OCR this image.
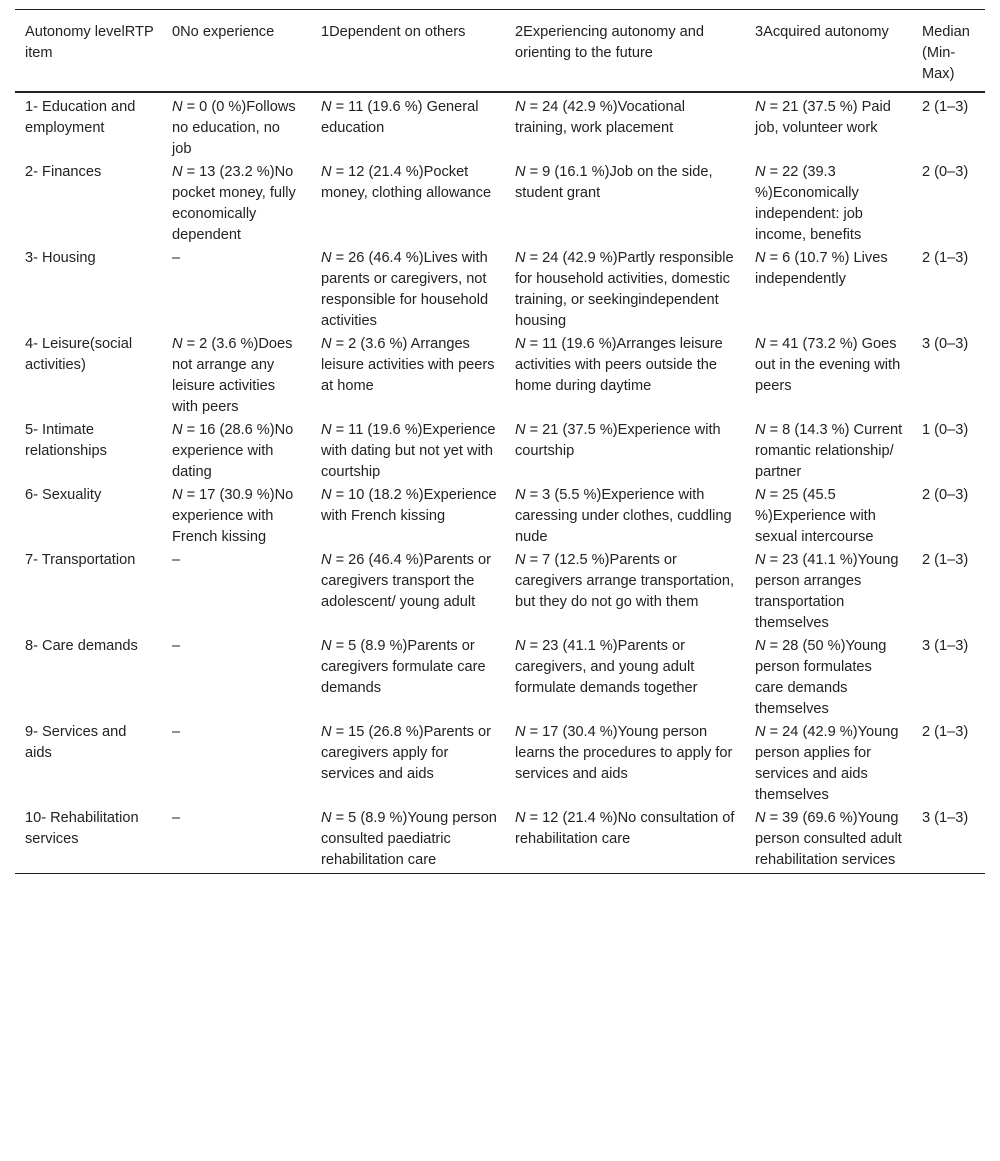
Autonomy levelRTP item	0No experience	1Dependent on others	2Experiencing autonomy and orienting to the future	3Acquired autonomy	Median (Min-Max)
1- Education and employment	N = 0 (0 %)Follows no education, no job	N = 11 (19.6 %) General education	N = 24 (42.9 %)Vocational training, work placement	N = 21 (37.5 %) Paid job, volunteer work	2 (1–3)
2- Finances	N = 13 (23.2 %)No pocket money, fully economically dependent	N = 12 (21.4 %)Pocket money, clothing allowance	N = 9 (16.1 %)Job on the side, student grant	N = 22 (39.3 %)Economically independent: job income, benefits	2 (0–3)
3- Housing	–	N = 26 (46.4 %)Lives with parents or caregivers, not responsible for household activities	N = 24 (42.9 %)Partly responsible for household activities, domestic training, or seekingindependent housing	N = 6 (10.7 %) Lives independently	2 (1–3)
4- Leisure(social activities)	N = 2 (3.6 %)Does not arrange any leisure activities with peers	N = 2 (3.6 %) Arranges leisure activities with peers at home	N = 11 (19.6 %)Arranges leisure activities with peers outside the home during daytime	N = 41 (73.2 %) Goes out in the evening with peers	3 (0–3)
5- Intimate relationships	N = 16 (28.6 %)No experience with dating	N = 11 (19.6 %)Experience with dating but not yet with courtship	N = 21 (37.5 %)Experience with courtship	N = 8 (14.3 %) Current romantic relationship/ partner	1 (0–3)
6- Sexuality	N = 17 (30.9 %)No experience with French kissing	N = 10 (18.2 %)Experience with French kissing	N = 3 (5.5 %)Experience with caressing under clothes, cuddling nude	N = 25 (45.5 %)Experience with sexual intercourse	2 (0–3)
7- Transportation	–	N = 26 (46.4 %)Parents or caregivers transport the adolescent/ young adult	N = 7 (12.5 %)Parents or caregivers arrange transportation, but they do not go with them	N = 23 (41.1 %)Young person arranges transportation themselves	2 (1–3)
8- Care demands	–	N = 5 (8.9 %)Parents or caregivers formulate care demands	N = 23 (41.1 %)Parents or caregivers, and young adult formulate demands together	N = 28 (50 %)Young person formulates care demands themselves	3 (1–3)
9- Services and aids	–	N = 15 (26.8 %)Parents or caregivers apply for services and aids	N = 17 (30.4 %)Young person learns the procedures to apply for services and aids	N = 24 (42.9 %)Young person applies for services and aids themselves	2 (1–3)
10- Rehabilitation services	–	N = 5 (8.9 %)Young person consulted paediatric rehabilitation care	N = 12 (21.4 %)No consultation of rehabilitation care	N = 39 (69.6 %)Young person consulted adult rehabilitation services	3 (1–3)
